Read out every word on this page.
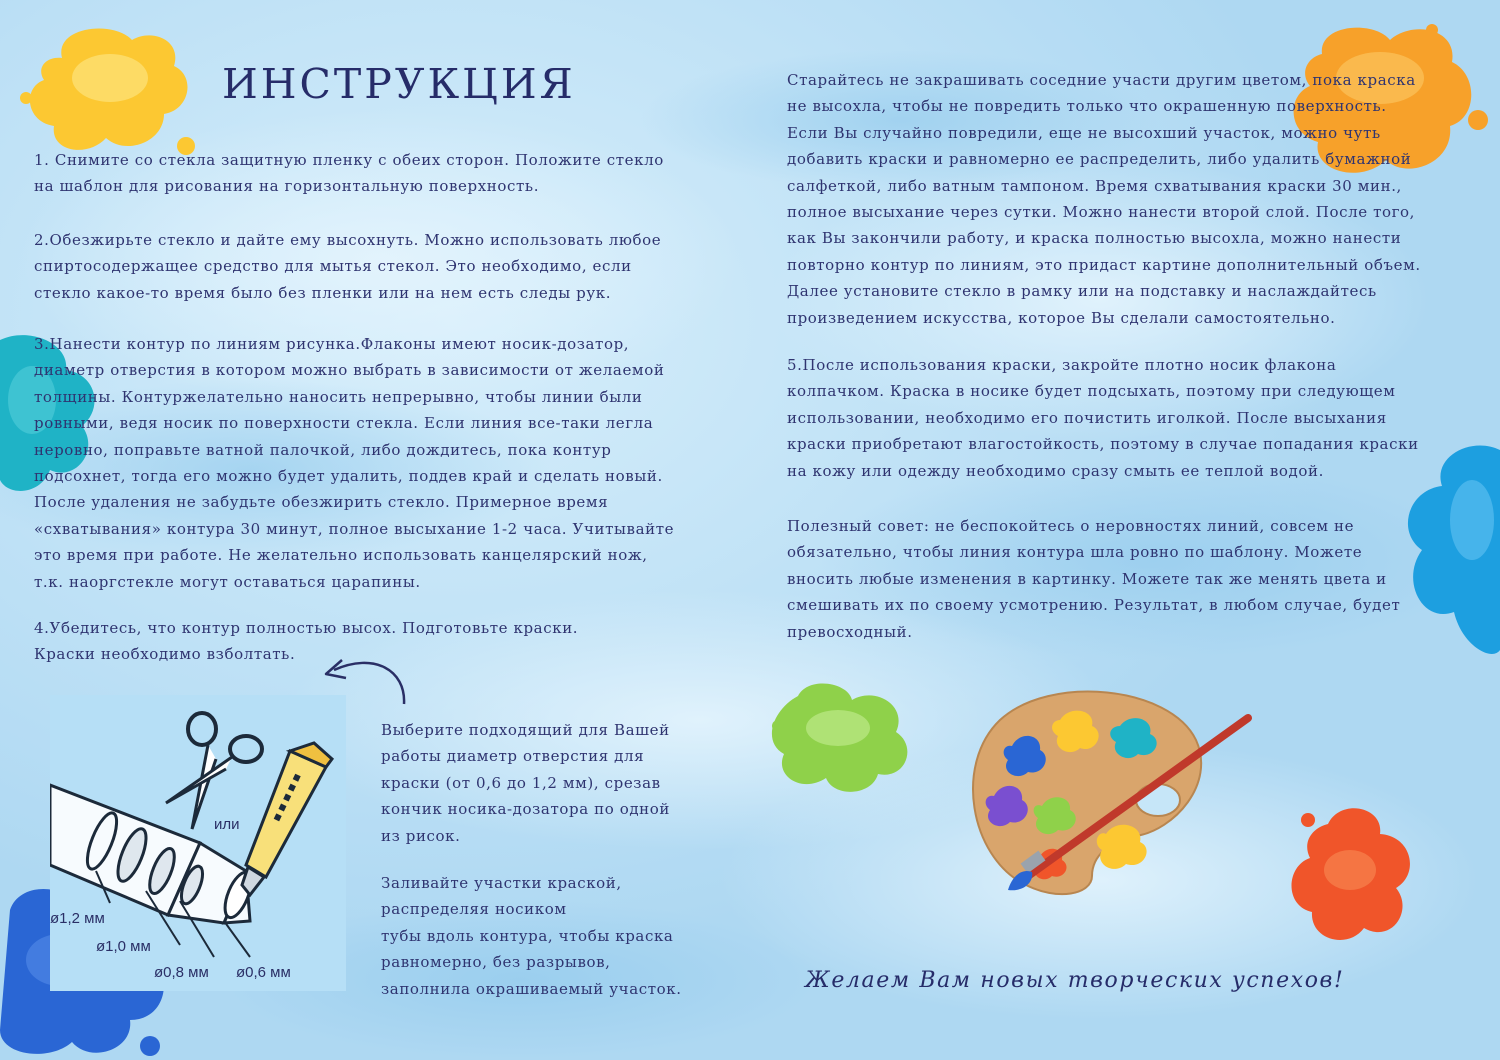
или
ø1,2 мм
ø1,0 мм
ø0,8 мм ø0,6 мм
ИНСТРУКЦИЯ
1. Снимите со стекла защитную пленку с обеих сторон. Положите стекло
на шаблон для рисования на горизонтальную поверхность.
2.Обезжирьте стекло и дайте ему высохнуть. Можно использовать любое
спиртосодержащее средство для мытья стекол. Это необходимо, если
стекло какое-то время было без пленки или на нем есть следы рук.
3.Нанести контур по линиям рисунка.Флаконы имеют носик-дозатор,
диаметр отверстия в котором можно выбрать в зависимости от желаемой
толщины. Контуржелательно наносить непрерывно, чтобы линии были
ровными, ведя носик по поверхности стекла. Если линия все-таки легла
неровно, поправьте ватной палочкой, либо дождитесь, пока контур
подсохнет, тогда его можно будет удалить, поддев край и сделать новый.
После удаления не забудьте обезжирить стекло. Примерное время
«схватывания» контура 30 минут, полное высыхание 1-2 часа. Учитывайте
это время при работе. Не желательно использовать канцелярский нож,
т.к. наоргстекле могут оставаться царапины.
4.Убедитесь, что контур полностью высох. Подготовьте краски.
Краски необходимо взболтать.
Выберите подходящий для Вашей
работы диаметр отверстия для
краски (от 0,6 до 1,2 мм), срезав
кончик носика-дозатора по одной
из рисок.
Заливайте участки краской,
распределяя носиком
тубы вдоль контура, чтобы краска
равномерно, без разрывов,
заполнила окрашиваемый участок.
Старайтесь не закрашивать соседние участи другим цветом, пока краска
не высохла, чтобы не повредить только что окрашенную поверхность.
Если Вы случайно повредили, еще не высохший участок, можно чуть
добавить краски и равномерно ее распределить, либо удалить бумажной
салфеткой, либо ватным тампоном. Время схватывания краски 30 мин.,
полное высыхание через сутки. Можно нанести второй слой. После того,
как Вы закончили работу, и краска полностью высохла, можно нанести
повторно контур по линиям, это придаст картине дополнительный объем.
Далее установите стекло в рамку или на подставку и наслаждайтесь
произведением искусства, которое Вы сделали самостоятельно.
5.После использования краски, закройте плотно носик флакона
колпачком. Краска в носике будет подсыхать, поэтому при следующем
использовании, необходимо его почистить иголкой. После высыхания
краски приобретают влагостойкость, поэтому в случае попадания краски
на кожу или одежду необходимо сразу смыть ее теплой водой.
Полезный совет: не беспокойтесь о неровностях линий, совсем не
обязательно, чтобы линия контура шла ровно по шаблону. Можете
вносить любые изменения в картинку. Можете так же менять цвета и
смешивать их по своему усмотрению. Результат, в любом случае, будет
превосходный.
Желаем Вам новых творческих успехов!
